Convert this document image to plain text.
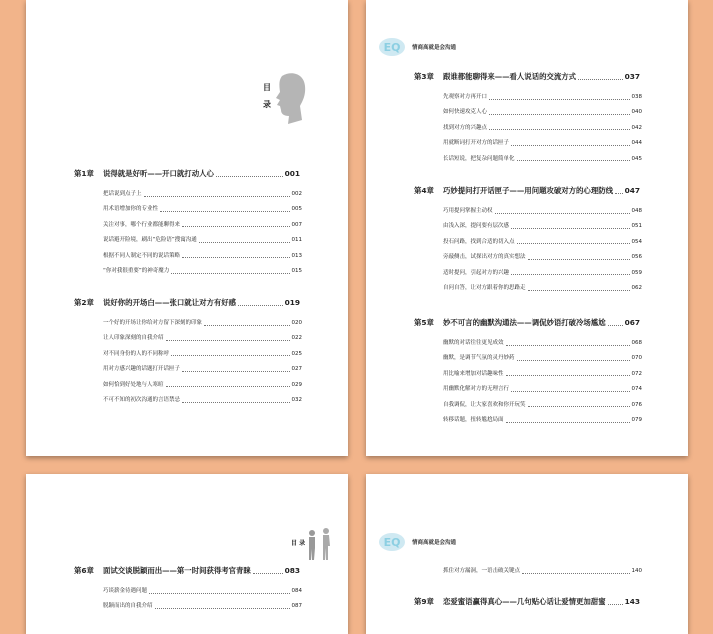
目
录
第1章 说得就是好听——开口就打动人心	001
把话说到点子上	002
用术语增加你的专业性	005
关注对事，哪个行业都能聊得来	007
说话避开险境，刷出“危险语”搜寓沟通	011
根据不同人制定不同的说话策略	013
“你对我很重要”的神奇魔力	015
第2章 说好你的开场白——张口就让对方有好感	019
一个好的开场让你给对方留下深刻的印象	020
让人印象深刻的自我介绍	022
对不同身份的人的不同称呼	025
用对方感兴趣的话题打开话匣子	027
如何恰到好处地与人寒暄	029
不可不知的初次沟通的言语禁忌	032
EQ 情商高就是会沟通
第3章 跟谁都能聊得来——看人说话的交流方式	037
先观察对方再开口	038
如何快速攻克人心	040
找到对方的兴趣点	042
用就断词打开对方的话匣子	044
长话短说，把复杂问题简单化	045
第4章 巧妙提问打开话匣子——用问题攻破对方的心理防线 047
巧用提问掌握主动权	048
由浅入深，提问要有层次感	051
投石问路，找到合适的切入点	054
旁敲侧击，试探出对方的真实想法	056
适时提问，引起对方的兴趣	059
自问自答，让对方跟着你的思路走	062
第5章 妙不可言的幽默沟通法——调侃妙语打破冷场尴尬	067
幽默的对话往往更见成效	068
幽默，是调节气氛的灵丹妙药	070
用比喻来增加对话趣味性	072
用幽默化解对方的无理言行	074
自我调侃，让大家喜欢和你开玩笑	076
转移话题，扭转尴尬局面	079
目 录
第6章 面试交谈脱颖而出——第一时间获得考官青睐	083
巧谈薪金待遇问题	084
脱颖而出的自我介绍	087
EQ 情商高就是会沟通
抓住对方漏洞，一语击破关键点	140
第9章 恋爱蜜语赢得真心——几句贴心话让爱情更加甜蜜	143
